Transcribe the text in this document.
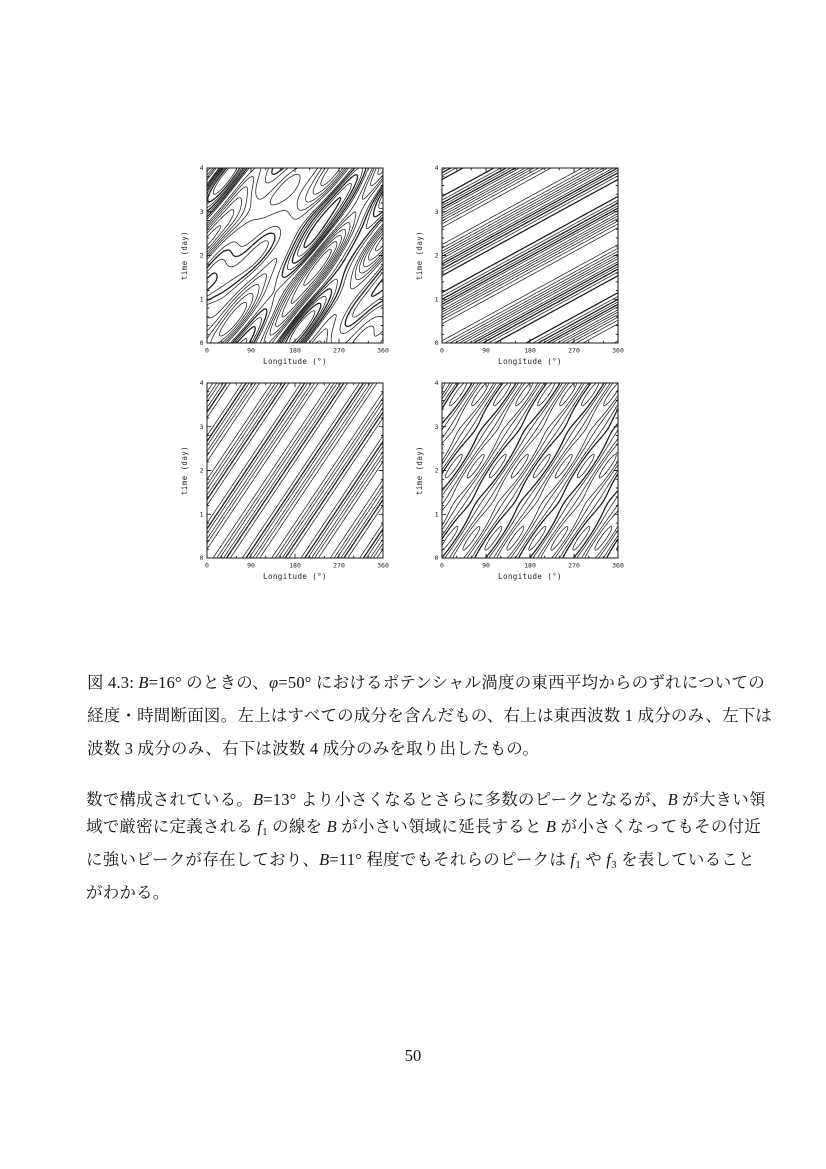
0	90	180	270	360
0
1
2
3
4
Longitude (°)
time (day)
0	90	180	270	360
0
1
2
3
4
Longitude (°)
time (day)
0	90	180	270	360
0
1
2
3
4
Longitude (°)
time (day)
0	90	180	270	360
0
1
2
3
4
Longitude (°)
time (day)
図 4.3: B=16° のときの、φ=50° におけるポテンシャル渦度の東西平均からのずれについての
経度・時間断面図。左上はすべての成分を含んだもの、右上は東西波数 1 成分のみ、左下は
波数 3 成分のみ、右下は波数 4 成分のみを取り出したもの。
数で構成されている。B=13° より小さくなるとさらに多数のピークとなるが、B が大きい領
域で厳密に定義される f1 の線を B が小さい領域に延長すると B が小さくなってもその付近
に強いピークが存在しており、B=11° 程度でもそれらのピークは f1 や f3 を表していること
がわかる。
50
